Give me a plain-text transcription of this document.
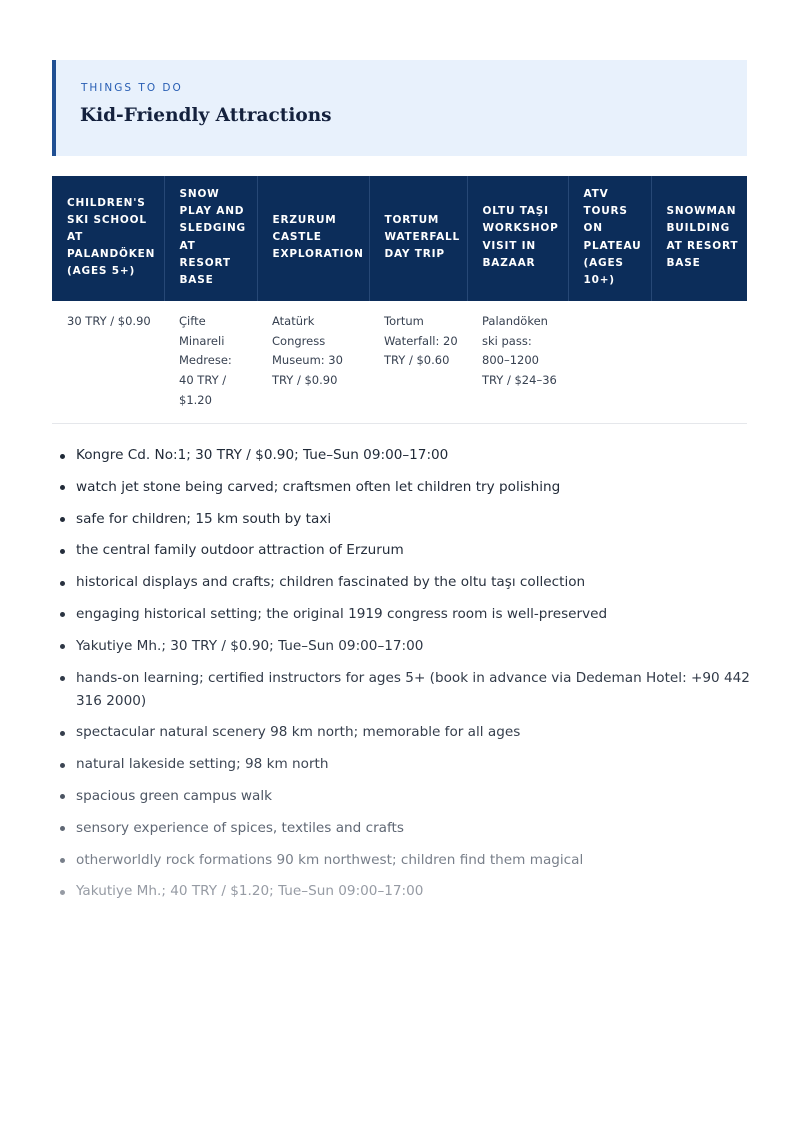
THINGS TO DO
Kid-Friendly Attractions
CHILDREN'S SKI SCHOOL AT PALANDÖKEN (AGES 5+)	SNOW PLAY AND SLEDGING AT RESORT BASE	ERZURUM CASTLE EXPLORATION	TORTUM WATERFALL DAY TRIP	OLTU TAŞI WORKSHOP VISIT IN BAZAAR	ATV TOURS ON PLATEAU (AGES 10+)	SNOWMAN BUILDING AT RESORT BASE
30 TRY / $0.90	Çifte Minareli Medrese: 40 TRY / $1.20	Atatürk Congress Museum: 30 TRY / $0.90	Tortum Waterfall: 20 TRY / $0.60	Palandöken ski pass: 800–1200 TRY / $24–36		
Kongre Cd. No:1; 30 TRY / $0.90; Tue–Sun 09:00–17:00
watch jet stone being carved; craftsmen often let children try polishing
safe for children; 15 km south by taxi
the central family outdoor attraction of Erzurum
historical displays and crafts; children fascinated by the oltu taşı collection
engaging historical setting; the original 1919 congress room is well-preserved
Yakutiye Mh.; 30 TRY / $0.90; Tue–Sun 09:00–17:00
hands-on learning; certified instructors for ages 5+ (book in advance via Dedeman Hotel: +90 442 316 2000)
spectacular natural scenery 98 km north; memorable for all ages
natural lakeside setting; 98 km north
spacious green campus walk
sensory experience of spices, textiles and crafts
otherworldly rock formations 90 km northwest; children find them magical
Yakutiye Mh.; 40 TRY / $1.20; Tue–Sun 09:00–17:00
